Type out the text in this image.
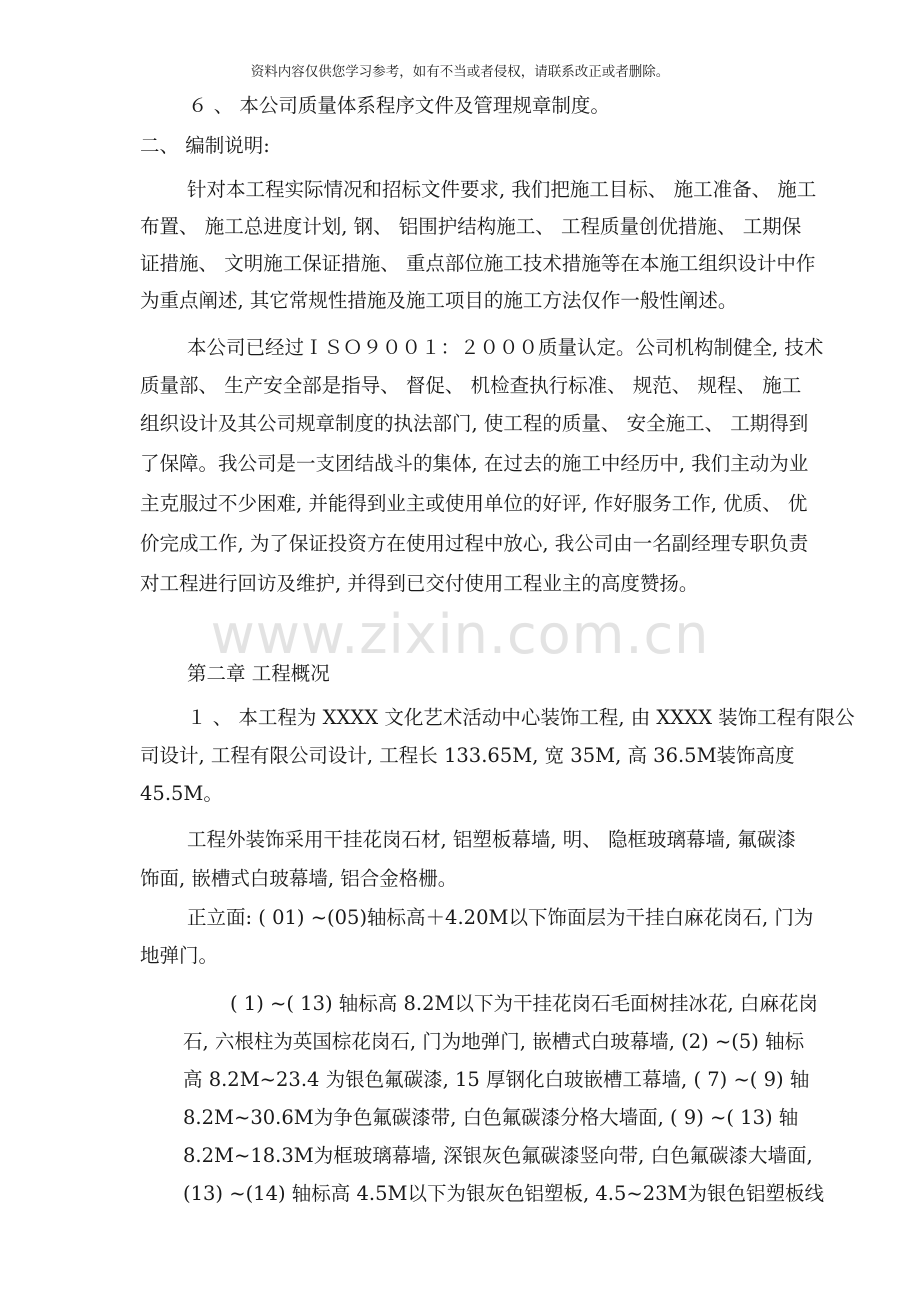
资料内容仅供您学习参考，如有不当或者侵权，请联系改正或者删除。

６ 、 本公司质量体系程序文件及管理规章制度。

二、 编制说明:

针对本工程实际情况和招标文件要求, 我们把施工目标、 施工准备、 施工

布置、 施工总进度计划, 钢、 铝围护结构施工、 工程质量创优措施、 工期保

证措施、 文明施工保证措施、 重点部位施工技术措施等在本施工组织设计中作

为重点阐述, 其它常规性措施及施工项目的施工方法仅作一般性阐述。

本公司已经过ＩＳＯ９００１：２０００质量认定。公司机构制健全, 技术

质量部、 生产安全部是指导、 督促、 机检查执行标准、 规范、 规程、 施工

组织设计及其公司规章制度的执法部门, 使工程的质量、 安全施工、 工期得到

了保障。我公司是一支团结战斗的集体, 在过去的施工中经历中, 我们主动为业

主克服过不少困难, 并能得到业主或使用单位的好评, 作好服务工作, 优质、 优

价完成工作, 为了保证投资方在使用过程中放心, 我公司由一名副经理专职负责

对工程进行回访及维护, 并得到已交付使用工程业主的高度赞扬。

www.zixin.com.cn

第二章 工程概况

１ 、 本工程为 XXXX 文化艺术活动中心装饰工程, 由 XXXX 装饰工程有限公

司设计, 工程有限公司设计, 工程长 133.65M, 宽 35M, 高 36.5M装饰高度

45.5M。

工程外装饰采用干挂花岗石材, 铝塑板幕墙, 明、 隐框玻璃幕墙, 氟碳漆

饰面, 嵌槽式白玻幕墙, 铝合金格栅。

正立面: ( 01) ~(05)轴标高＋4.20M以下饰面层为干挂白麻花岗石, 门为

地弹门。

( 1) ~( 13) 轴标高 8.2M以下为干挂花岗石毛面树挂冰花, 白麻花岗

石, 六根柱为英国棕花岗石, 门为地弹门, 嵌槽式白玻幕墙, (2) ~(5) 轴标

高 8.2M~23.4 为银色氟碳漆, 15 厚钢化白玻嵌槽工幕墙, ( 7) ~( 9) 轴

8.2M~30.6M为争色氟碳漆带, 白色氟碳漆分格大墙面, ( 9) ~( 13) 轴

8.2M~18.3M为框玻璃幕墙, 深银灰色氟碳漆竖向带, 白色氟碳漆大墙面,

(13) ~(14) 轴标高 4.5M以下为银灰色铝塑板, 4.5~23M为银色铝塑板线
